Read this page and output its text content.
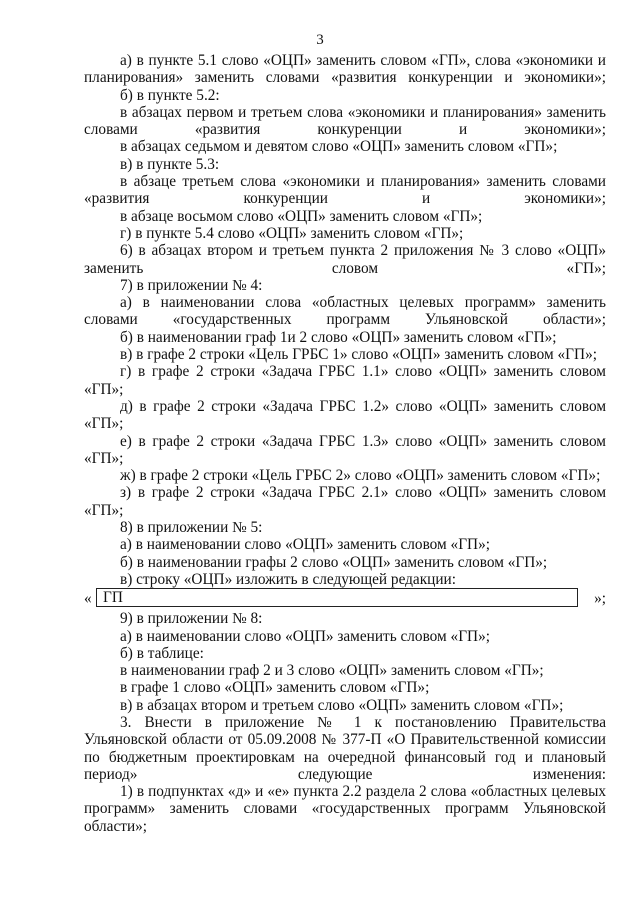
3

а) в пункте 5.1 слово «ОЦП» заменить словом «ГП», слова «экономики и планирования» заменить словами «развития конкуренции и экономики»;

б) в пункте 5.2:

в абзацах первом и третьем слова «экономики и планирования» заменить словами «развития конкуренции и экономики»;

в абзацах седьмом и девятом слово «ОЦП» заменить словом «ГП»;

в) в пункте 5.3:

в абзаце третьем слова «экономики и планирования» заменить словами «развития конкуренции и экономики»;

в абзаце восьмом слово «ОЦП» заменить словом «ГП»;

г) в пункте 5.4 слово «ОЦП» заменить словом «ГП»;

6) в абзацах втором и третьем пункта 2 приложения № 3 слово «ОЦП» заменить словом «ГП»;

7) в приложении № 4:

а) в наименовании слова «областных целевых программ» заменить словами «государственных программ Ульяновской области»;

б) в наименовании граф 1и 2 слово «ОЦП» заменить словом «ГП»;

в) в графе 2 строки «Цель ГРБС 1» слово «ОЦП» заменить словом «ГП»;

г) в графе 2 строки «Задача ГРБС 1.1» слово «ОЦП» заменить словом «ГП»;

д) в графе 2 строки «Задача ГРБС 1.2» слово «ОЦП» заменить словом «ГП»;

е) в графе 2 строки «Задача ГРБС 1.3» слово «ОЦП» заменить словом «ГП»;

ж) в графе 2 строки «Цель ГРБС 2» слово «ОЦП» заменить словом «ГП»;

з) в графе 2 строки «Задача ГРБС 2.1» слово «ОЦП» заменить словом «ГП»;

8) в приложении № 5:

а) в наименовании слово «ОЦП» заменить словом «ГП»;

б) в наименовании графы 2 слово «ОЦП» заменить словом «ГП»;

в) строку «ОЦП» изложить в следующей редакции:

« ГП	»;

9) в приложении № 8:

а) в наименовании слово «ОЦП» заменить словом «ГП»;

б) в таблице:

в наименовании граф 2 и 3 слово «ОЦП» заменить словом «ГП»;

в графе 1 слово «ОЦП» заменить словом «ГП»;

в) в абзацах втором и третьем слово «ОЦП» заменить словом «ГП»;

3. Внести в приложение № 1 к постановлению Правительства Ульяновской области от 05.09.2008 № 377-П «О Правительственной комиссии по бюджетным проектировкам на очередной финансовый год и плановый период» следующие изменения:

1) в подпунктах «д» и «е» пункта 2.2 раздела 2 слова «областных целевых программ» заменить словами «государственных программ Ульяновской области»;
